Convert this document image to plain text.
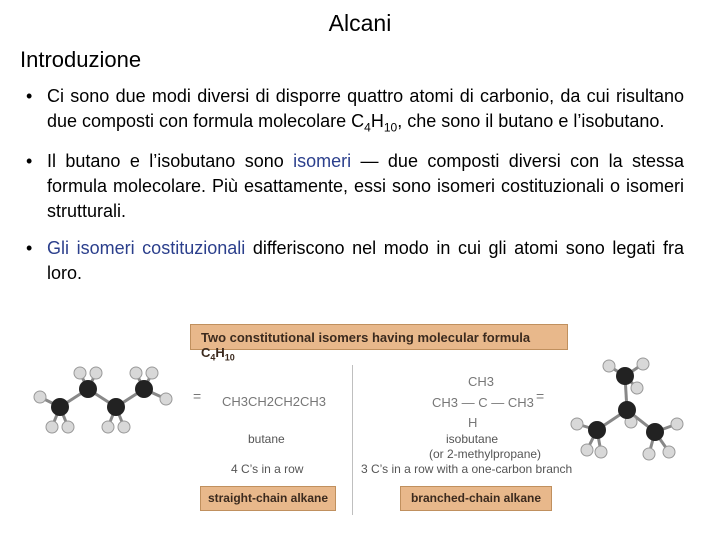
Alcani
Introduzione
• Ci sono due modi diversi di disporre quattro atomi di carbonio, da cui risultano due composti con formula molecolare $C_4H_{10}$, che sono il butano e l’isobutano.
• Il butano e l’isobutano sono isomeri — due composti diversi con la stessa formula molecolare. Più esattamente, essi sono isomeri costituzionali o isomeri strutturali.
• Gli isomeri costituzionali differiscono nel modo in cui gli atomi sono legati fra loro.
Two constitutional isomers having molecular formula $C_4H_{10}$
= CH3CH2CH2CH3
butane
4 C’s in a row
straight-chain alkane
CH3
CH3 — C — CH3
H
=
isobutane
(or 2-methylpropane)
3 C’s in a row with a one-carbon branch
branched-chain alkane
